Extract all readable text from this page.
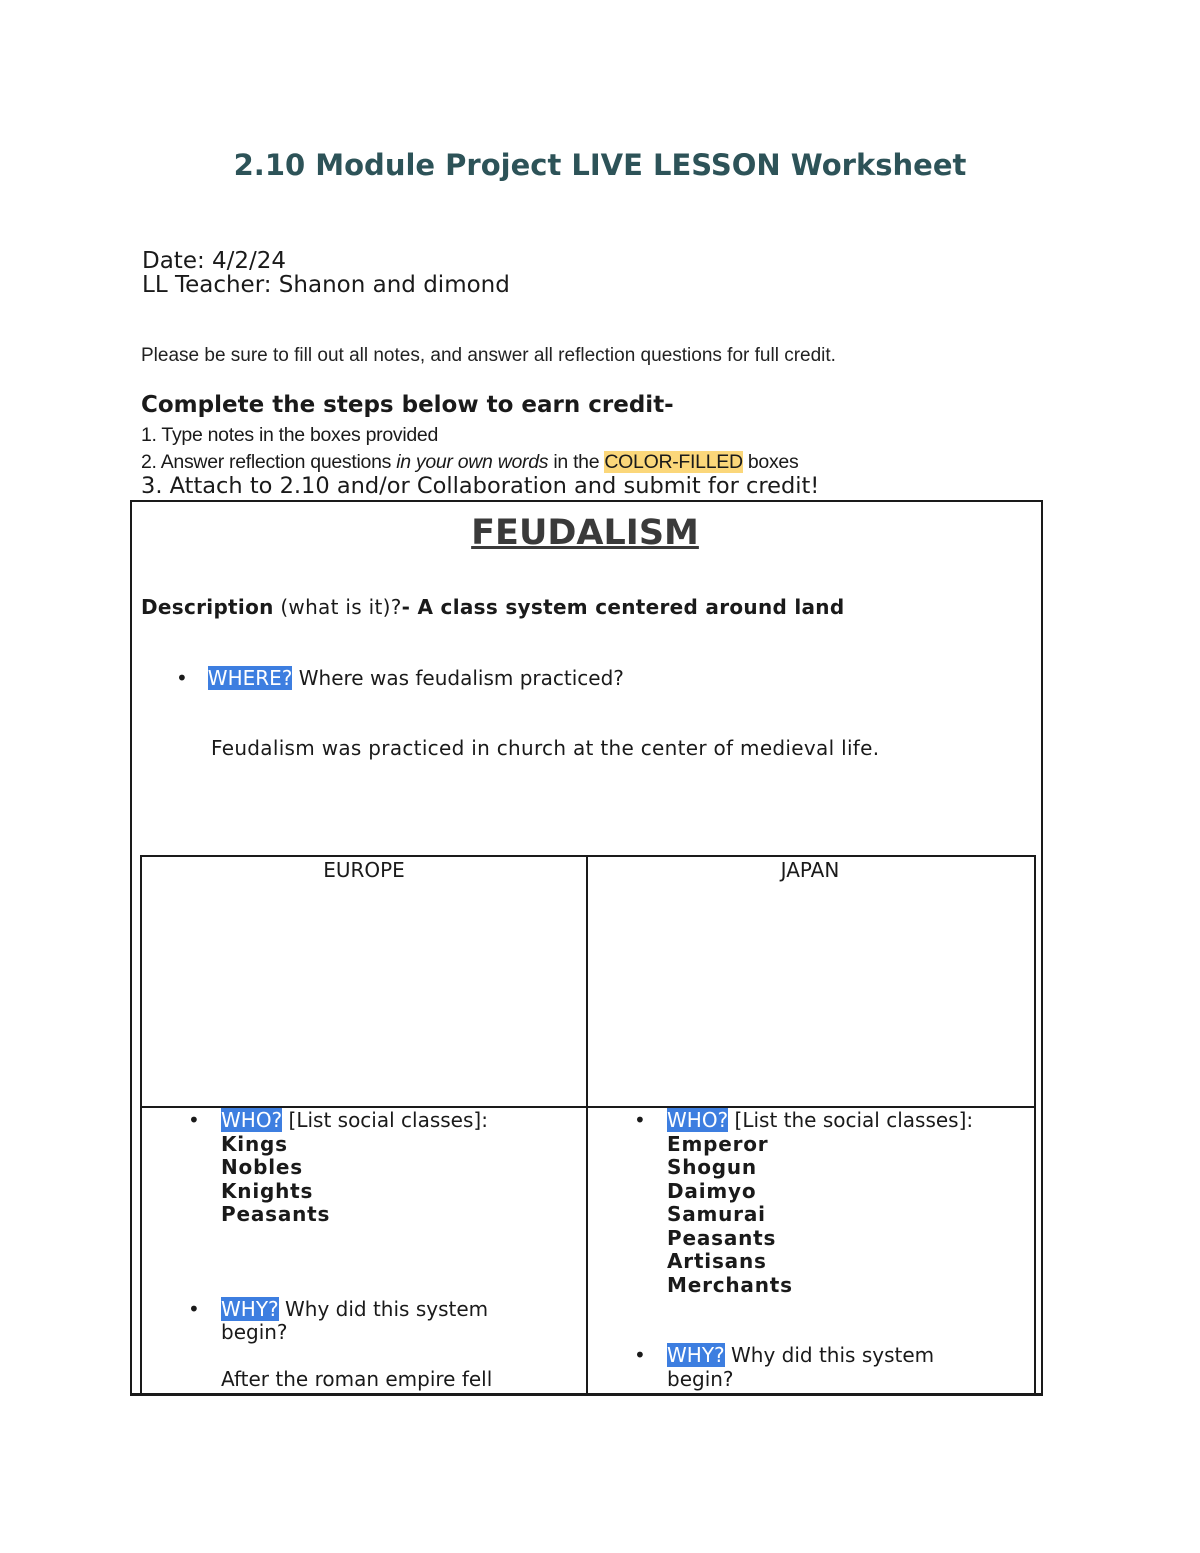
2.10 Module Project LIVE LESSON Worksheet
Date: 4/2/24
LL Teacher: Shanon and dimond
Please be sure to fill out all notes, and answer all reflection questions for full credit.
Complete the steps below to earn credit-
1. Type notes in the boxes provided
2. Answer reflection questions in your own words in the COLOR-FILLED boxes
3. Attach to 2.10 and/or Collaboration and submit for credit!
FEUDALISM
Description (what is it)?- A class system centered around land
• WHERE? Where was feudalism practiced?
Feudalism was practiced in church at the center of medieval life.
EUROPE	JAPAN
• WHO? [List social classes]:
Kings
Nobles
Knights
Peasants
• WHY? Why did this system
begin?
After the roman empire fell
• WHO? [List the social classes]:
Emperor
Shogun
Daimyo
Samurai
Peasants
Artisans
Merchants
• WHY? Why did this system
begin?
